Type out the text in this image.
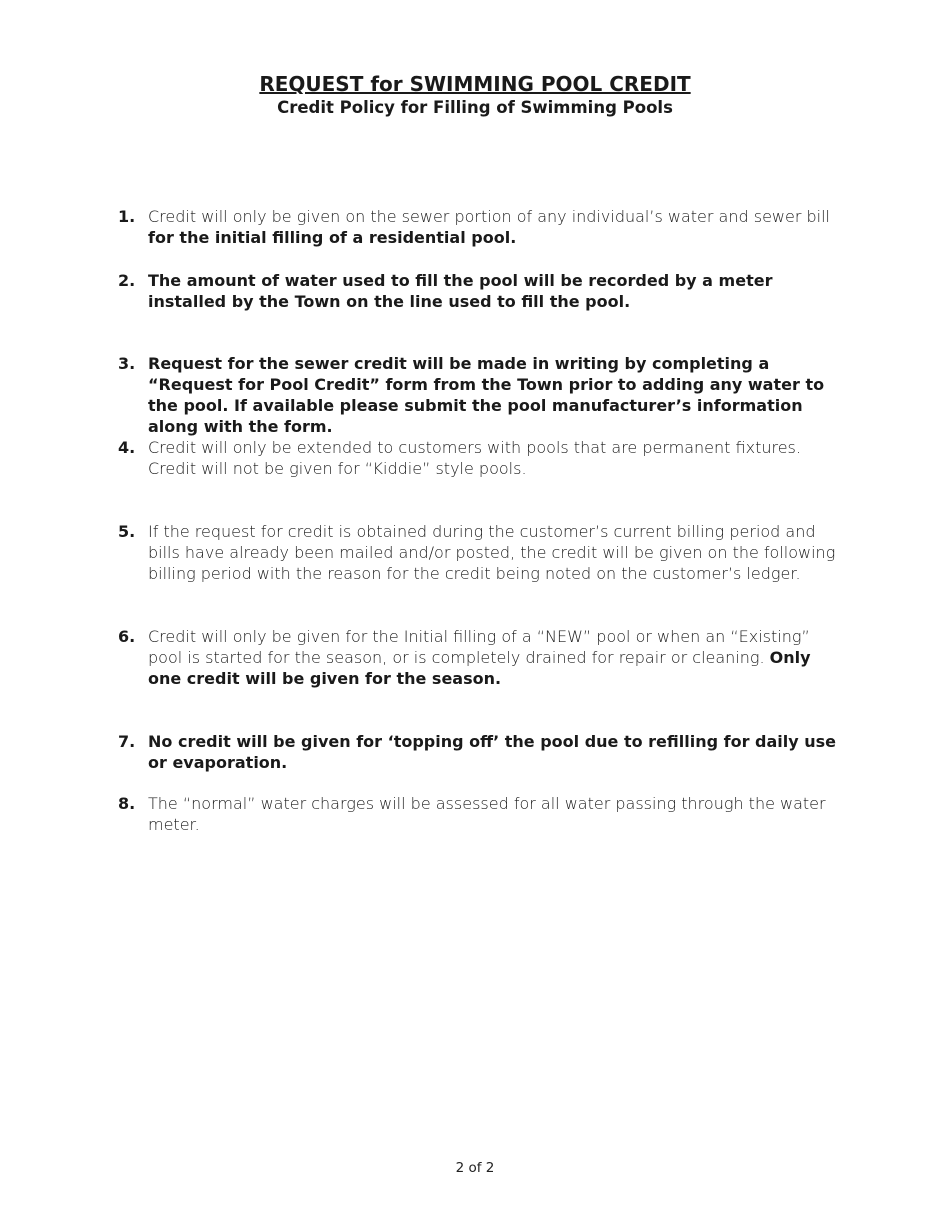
REQUEST for SWIMMING POOL CREDIT
Credit Policy for Filling of Swimming Pools
1. Credit will only be given on the sewer portion of any individual’s water and sewer bill for the initial filling of a residential pool.
2. The amount of water used to fill the pool will be recorded by a meter installed by the Town on the line used to fill the pool.
3. Request for the sewer credit will be made in writing by completing a “Request for Pool Credit” form from the Town prior to adding any water to the pool. If available please submit the pool manufacturer’s information along with the form.
4. Credit will only be extended to customers with pools that are permanent fixtures. Credit will not be given for “Kiddie” style pools.
5. If the request for credit is obtained during the customer’s current billing period and bills have already been mailed and/or posted, the credit will be given on the following billing period with the reason for the credit being noted on the customer’s ledger.
6. Credit will only be given for the Initial filling of a “NEW” pool or when an “Existing” pool is started for the season, or is completely drained for repair or cleaning. Only one credit will be given for the season.
7. No credit will be given for ‘topping off’ the pool due to refilling for daily use or evaporation.
8. The “normal” water charges will be assessed for all water passing through the water meter.
2 of 2
